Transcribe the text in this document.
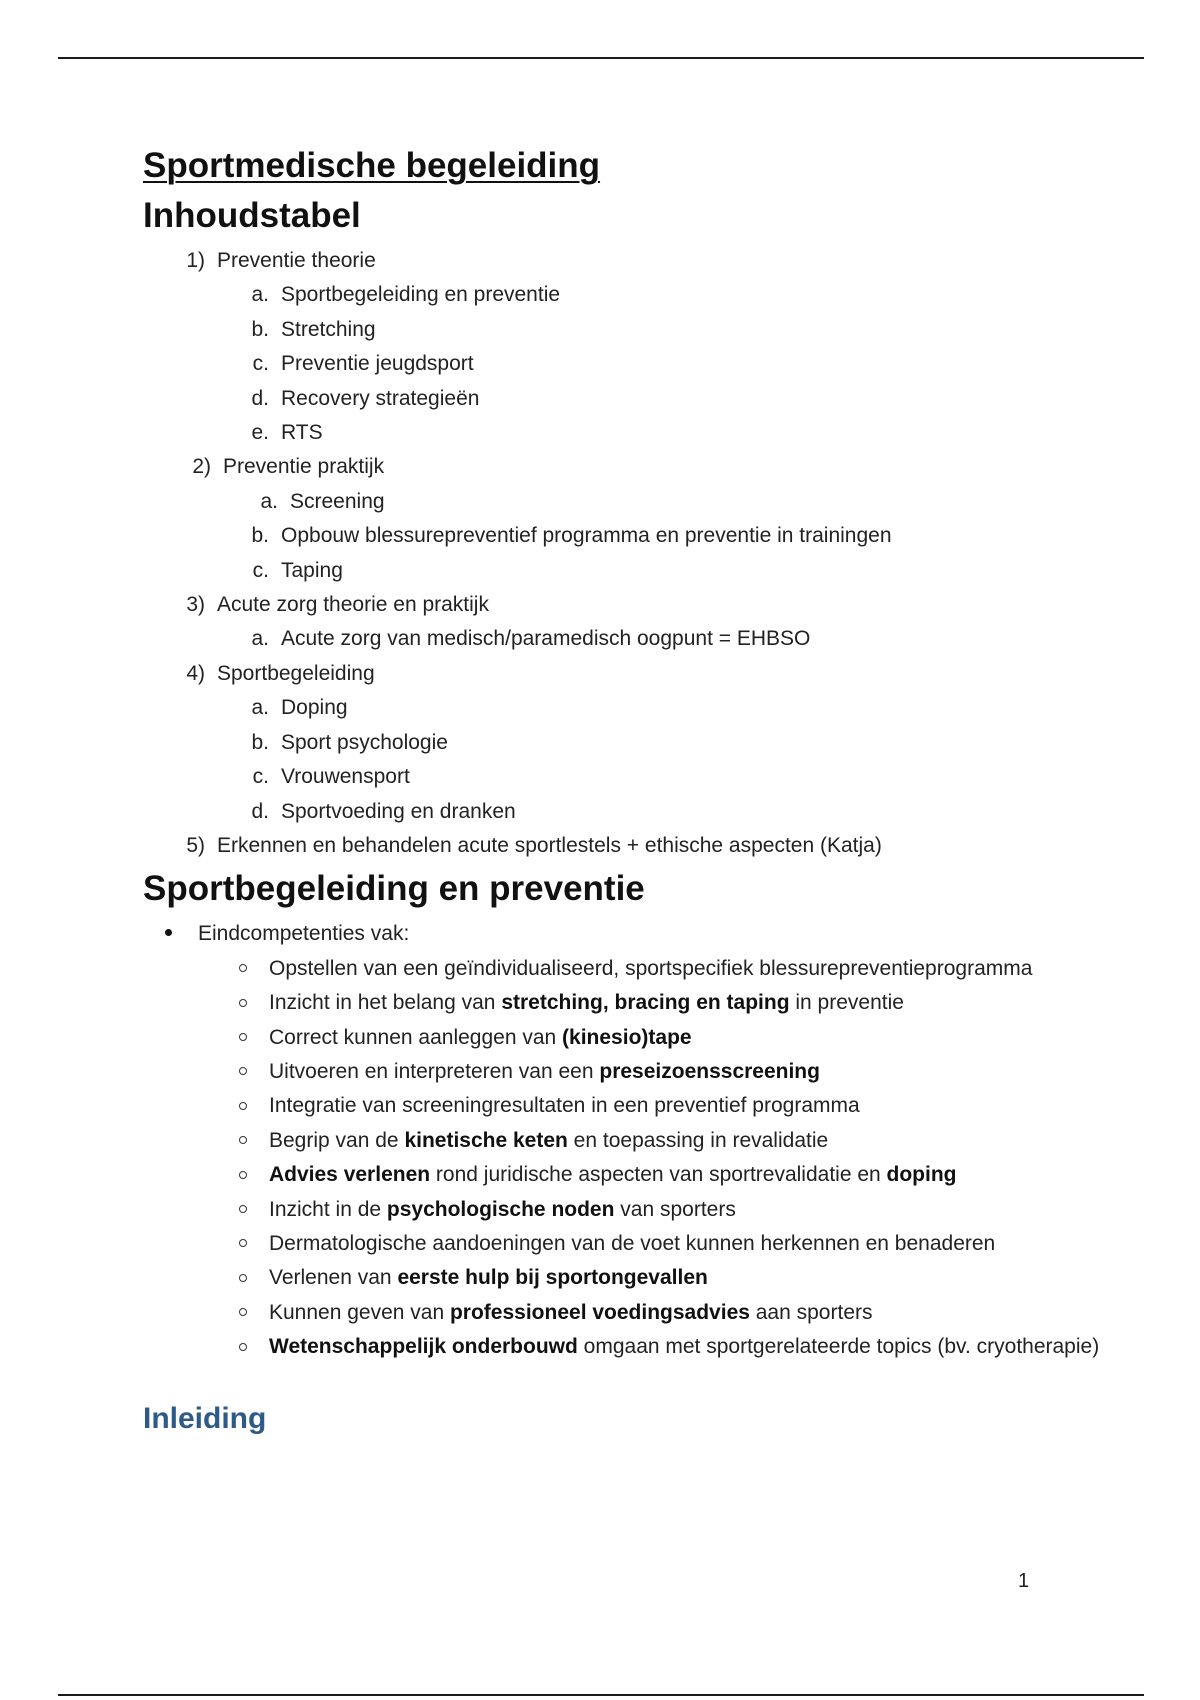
Sportmedische begeleiding
Inhoudstabel
1) Preventie theorie
a. Sportbegeleiding en preventie
b. Stretching
c. Preventie jeugdsport
d. Recovery strategieën
e. RTS
2) Preventie praktijk
a. Screening
b. Opbouw blessurepreventief programma en preventie in trainingen
c. Taping
3) Acute zorg theorie en praktijk
a. Acute zorg van medisch/paramedisch oogpunt = EHBSO
4) Sportbegeleiding
a. Doping
b. Sport psychologie
c. Vrouwensport
d. Sportvoeding en dranken
5) Erkennen en behandelen acute sportlestels + ethische aspecten (Katja)
Sportbegeleiding en preventie
Eindcompetenties vak:
Opstellen van een geïndividualiseerd, sportspecifiek blessurepreventieprogramma
Inzicht in het belang van stretching, bracing en taping in preventie
Correct kunnen aanleggen van (kinesio)tape
Uitvoeren en interpreteren van een preseizoensscreening
Integratie van screeningresultaten in een preventief programma
Begrip van de kinetische keten en toepassing in revalidatie
Advies verlenen rond juridische aspecten van sportrevalidatie en doping
Inzicht in de psychologische noden van sporters
Dermatologische aandoeningen van de voet kunnen herkennen en benaderen
Verlenen van eerste hulp bij sportongevallen
Kunnen geven van professioneel voedingsadvies aan sporters
Wetenschappelijk onderbouwd omgaan met sportgerelateerde topics (bv. cryotherapie)
Inleiding
1
